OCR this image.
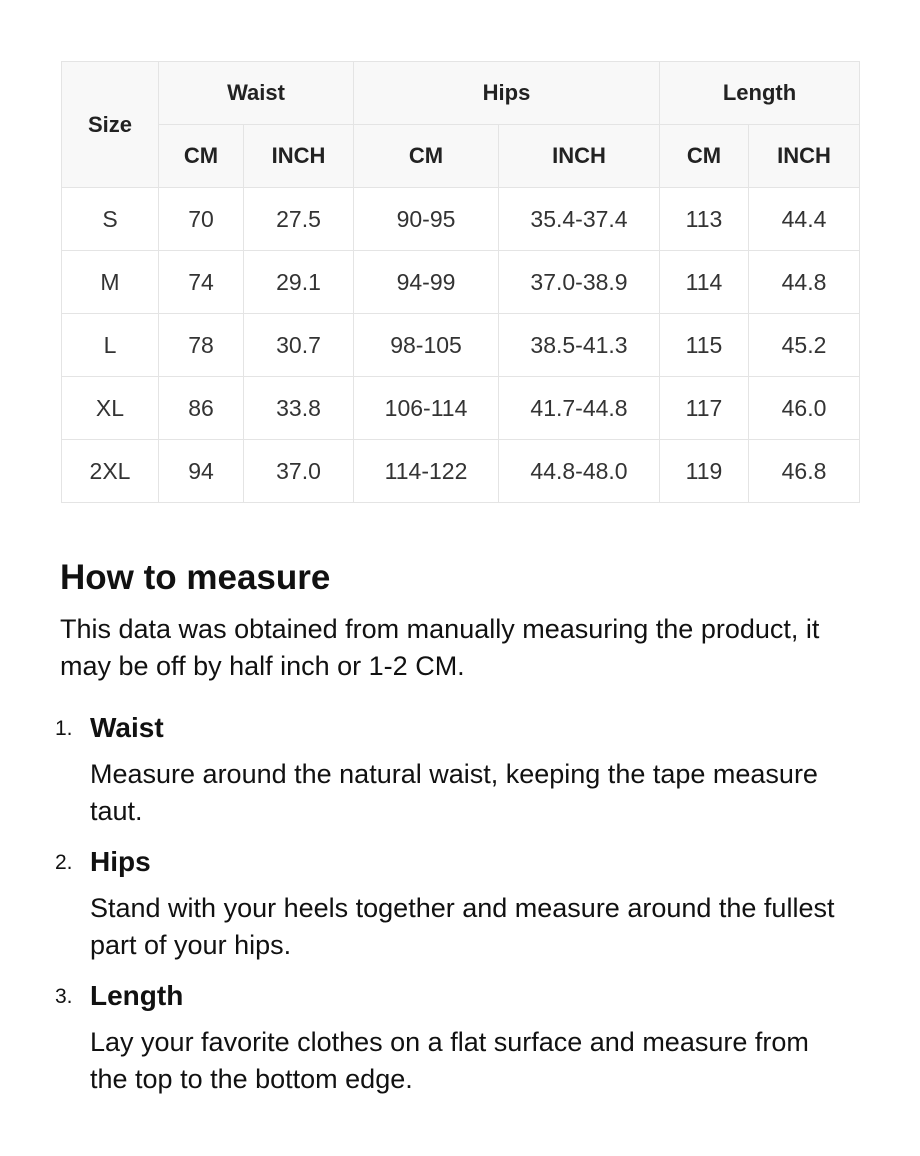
Size	Waist		Hips		Length	
	CM	INCH	CM	INCH	CM	INCH
S	70	27.5	90-95	35.4-37.4	113	44.4
M	74	29.1	94-99	37.0-38.9	114	44.8
L	78	30.7	98-105	38.5-41.3	115	45.2
XL	86	33.8	106-114	41.7-44.8	117	46.0
2XL	94	37.0	114-122	44.8-48.0	119	46.8
How to measure

This data was obtained from manually measuring the product, it may be off by half inch or 1-2 CM.

1. Waist
Measure around the natural waist, keeping the tape measure taut.
2. Hips
Stand with your heels together and measure around the fullest part of your hips.
3. Length
Lay your favorite clothes on a flat surface and measure from the top to the bottom edge.
